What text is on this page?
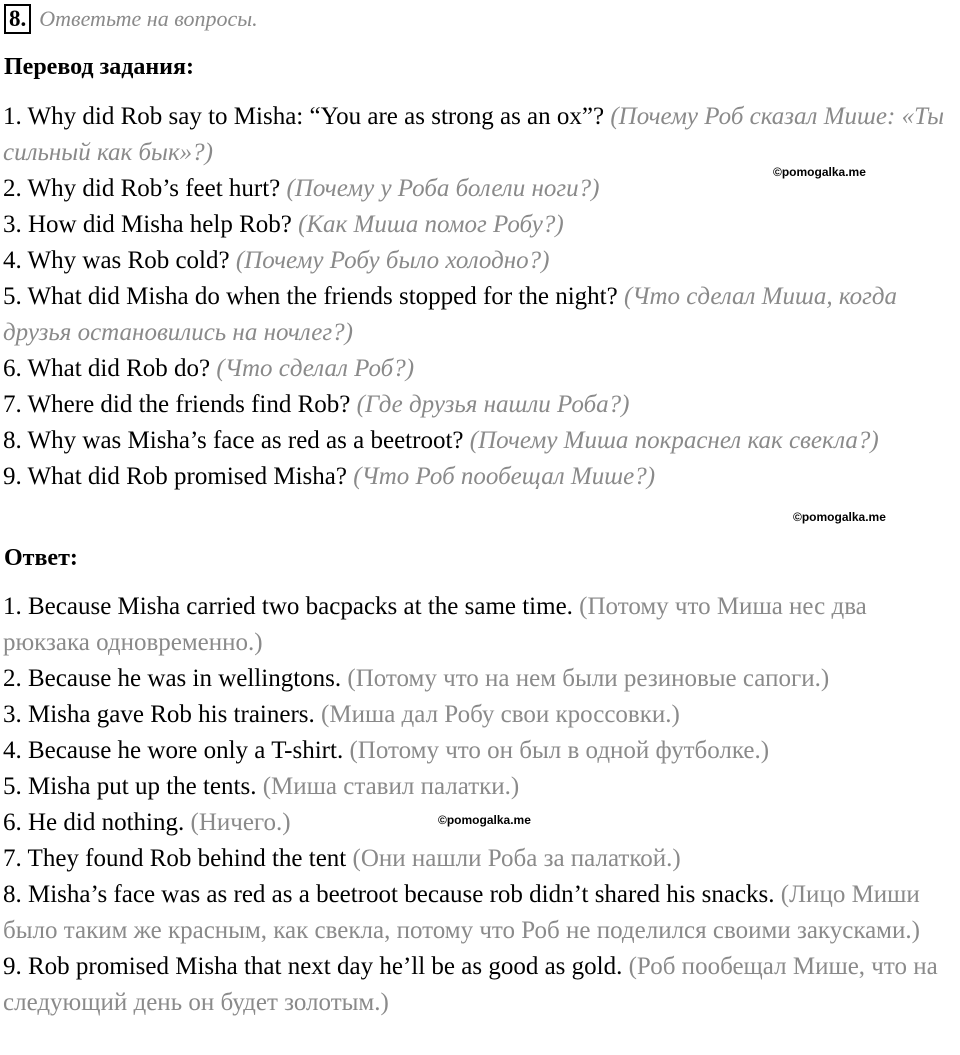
8. Ответьте на вопросы.
Перевод задания:
1. Why did Rob say to Misha: “You are as strong as an ox”? (Почему Роб сказал Мише: «Ты сильный как бык»?)
2. Why did Rob’s feet hurt? (Почему у Роба болели ноги?)
3. How did Misha help Rob? (Как Миша помог Робу?)
4. Why was Rob cold? (Почему Робу было холодно?)
5. What did Misha do when the friends stopped for the night? (Что сделал Миша, когда друзья остановились на ночлег?)
6. What did Rob do? (Что сделал Роб?)
7. Where did the friends find Rob? (Где друзья нашли Роба?)
8. Why was Misha’s face as red as a beetroot? (Почему Миша покраснел как свекла?)
9. What did Rob promised Misha? (Что Роб пообещал Мише?)
Ответ:
1. Because Misha carried two bacpacks at the same time. (Потому что Миша нес два рюкзака одновременно.)
2. Because he was in wellingtons. (Потому что на нем были резиновые сапоги.)
3. Misha gave Rob his trainers. (Миша дал Робу свои кроссовки.)
4. Because he wore only a T-shirt. (Потому что он был в одной футболке.)
5. Misha put up the tents. (Миша ставил палатки.)
6. He did nothing. (Ничего.)
7. They found Rob behind the tent (Они нашли Роба за палаткой.)
8. Misha’s face was as red as a beetroot because rob didn’t shared his snacks. (Лицо Миши было таким же красным, как свекла, потому что Роб не поделился своими закусками.)
9. Rob promised Misha that next day he’ll be as good as gold. (Роб пообещал Мише, что на следующий день он будет золотым.)
©pomogalka.me
©pomogalka.me
©pomogalka.me
